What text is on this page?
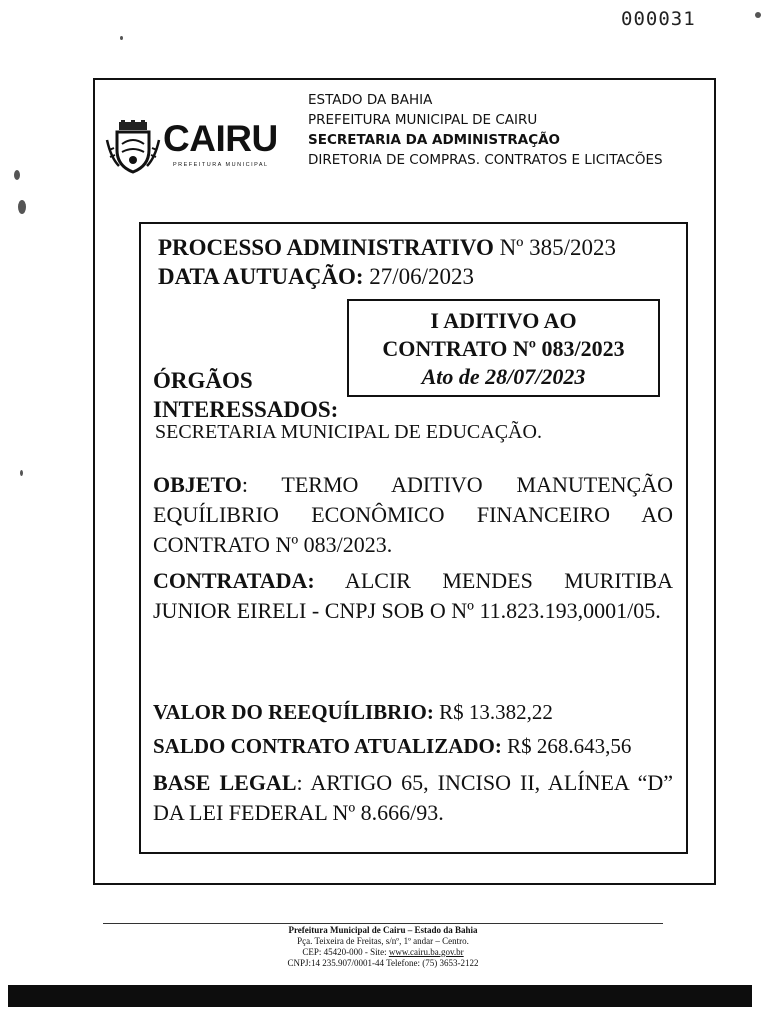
000031
CAIRU
PREFEITURA MUNICIPAL
ESTADO DA BAHIA
PREFEITURA MUNICIPAL DE CAIRU
SECRETARIA DA ADMINISTRAÇÃO
DIRETORIA DE COMPRAS. CONTRATOS E LICITACÕES
PROCESSO ADMINISTRATIVO Nº 385/2023
DATA AUTUAÇÃO: 27/06/2023
I ADITIVO AO
CONTRATO Nº 083/2023
Ato de 28/07/2023
ÓRGÃOS
INTERESSADOS:
SECRETARIA MUNICIPAL DE EDUCAÇÃO.
OBJETO: TERMO ADITIVO MANUTENÇÃO EQUÍLIBRIO ECONÔMICO FINANCEIRO AO CONTRATO Nº 083/2023.
CONTRATADA: ALCIR MENDES MURITIBA JUNIOR EIRELI - CNPJ SOB O Nº 11.823.193,0001/05.
VALOR DO REEQUÍLIBRIO: R$ 13.382,22
SALDO CONTRATO ATUALIZADO: R$ 268.643,56
BASE LEGAL: ARTIGO 65, INCISO II, ALÍNEA “D” DA LEI FEDERAL Nº 8.666/93.
Prefeitura Municipal de Cairu – Estado da Bahia
Pça. Teixeira de Freitas, s/nº, 1º andar – Centro.
CEP: 45420-000 - Site: www.cairu.ba.gov.br
CNPJ:14 235.907/0001-44 Telefone: (75) 3653-2122
